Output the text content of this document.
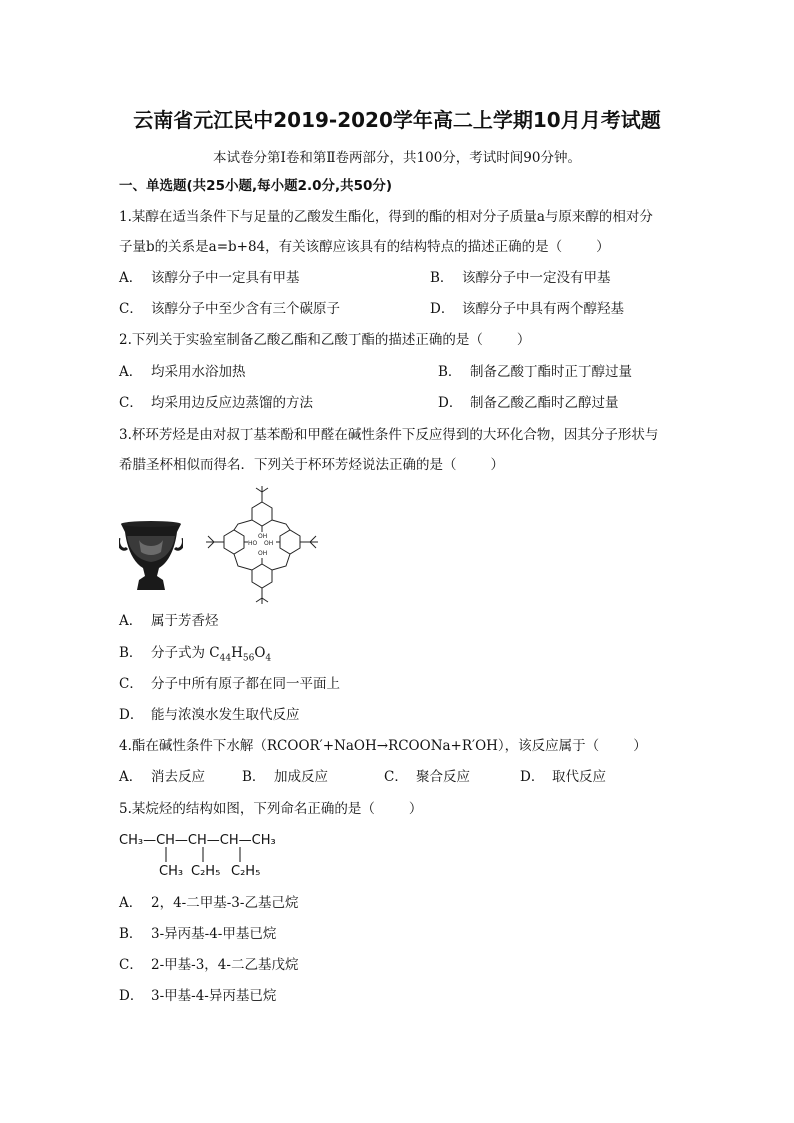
云南省元江民中2019-2020学年高二上学期10月月考试题
本试卷分第Ⅰ卷和第Ⅱ卷两部分，共100分，考试时间90分钟。
一、单选题(共25小题,每小题2.0分,共50分)
1.某醇在适当条件下与足量的乙酸发生酯化，得到的酯的相对分子质量a与原来醇的相对分
子量b的关系是a=b+84，有关该醇应该具有的结构特点的描述正确的是（	）
A． 该醇分子中一定具有甲基	B． 该醇分子中一定没有甲基
C． 该醇分子中至少含有三个碳原子	D． 该醇分子中具有两个醇羟基
2.下列关于实验室制备乙酸乙酯和乙酸丁酯的描述正确的是（	）
A． 均采用水浴加热	B． 制备乙酸丁酯时正丁醇过量
C． 均采用边反应边蒸馏的方法	D． 制备乙酸乙酯时乙醇过量
3.杯环芳烃是由对叔丁基苯酚和甲醛在碱性条件下反应得到的大环化合物，因其分子形状与
希腊圣杯相似而得名．下列关于杯环芳烃说法正确的是（	）
OH
HO OH
OH
A． 属于芳香烃
B． 分子式为 $C_{44}H_{56}O_4$
C． 分子中所有原子都在同一平面上
D． 能与浓溴水发生取代反应
4.酯在碱性条件下水解（RCOOR′+NaOH→RCOONa+R′OH），该反应属于（	）
A． 消去反应	B． 加成反应	C． 聚合反应	D． 取代反应
5.某烷烃的结构如图，下列命名正确的是（	）
CH₃—CH—CH—CH—CH₃
CH₃ C₂H₅ C₂H₅
A． 2，4-二甲基-3-乙基己烷
B． 3-异丙基-4-甲基已烷
C． 2-甲基-3，4-二乙基戊烷
D． 3-甲基-4-异丙基已烷
